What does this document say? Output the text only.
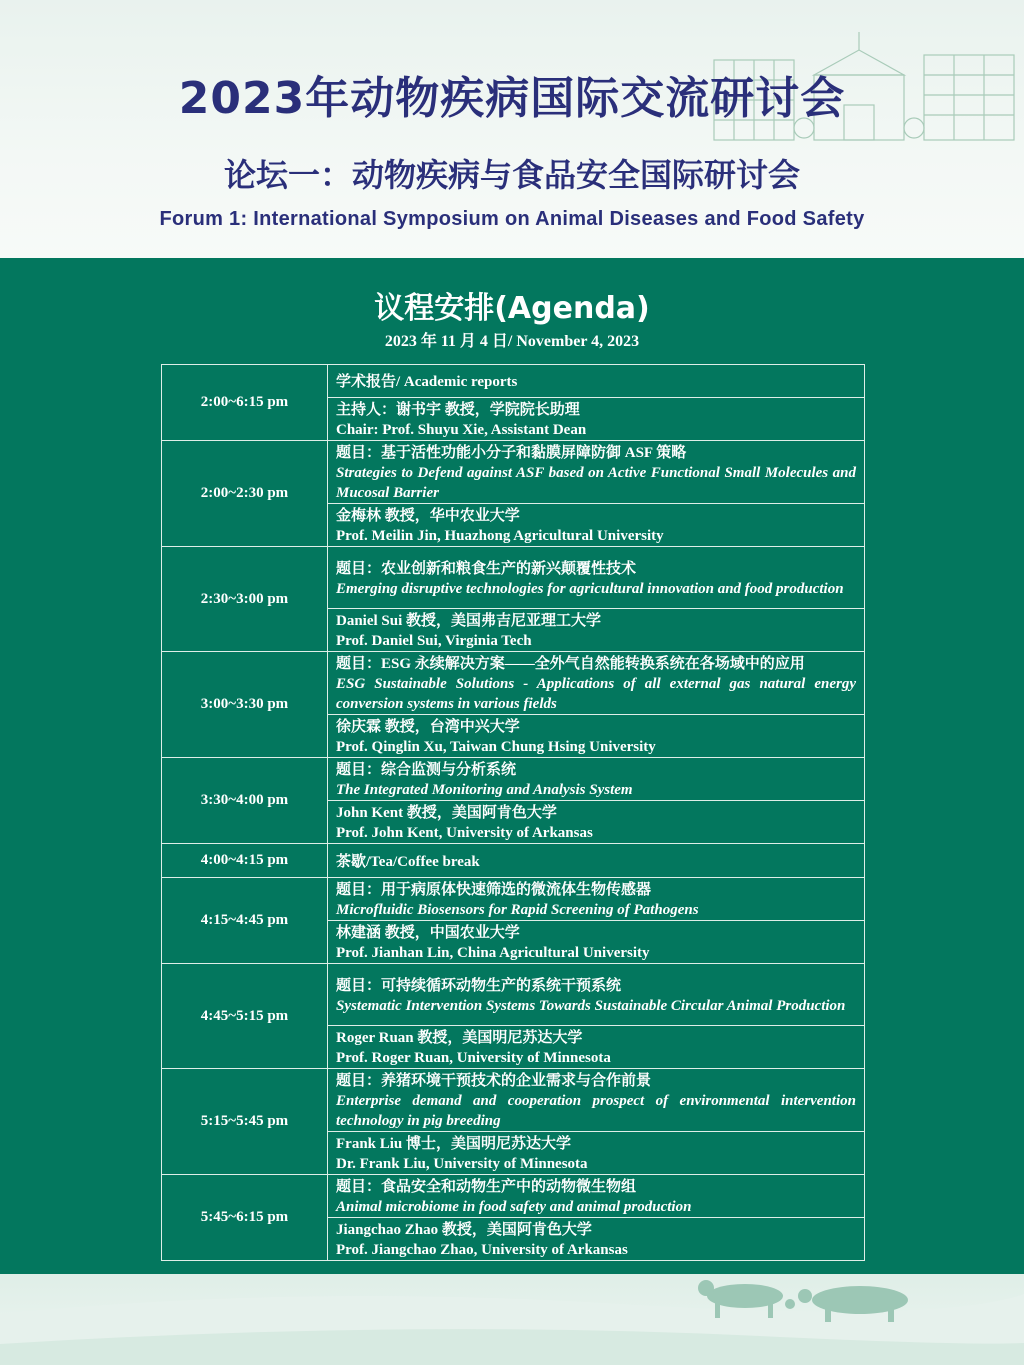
2023年动物疾病国际交流研讨会
论坛一：动物疾病与食品安全国际研讨会
Forum 1: International Symposium on Animal Diseases and Food Safety
议程安排(Agenda)
2023 年 11 月 4 日/ November 4, 2023
2:00~6:15 pm	学术报告/ Academic reports

	主持人：谢书宇 教授，学院院长助理
Chair: Prof. Shuyu Xie, Assistant Dean

2:00~2:30 pm	题目：基于活性功能小分子和黏膜屏障防御 ASF 策略
Strategies to Defend against ASF based on Active Functional Small Molecules and Mucosal Barrier

	金梅林 教授，华中农业大学
Prof. Meilin Jin, Huazhong Agricultural University

2:30~3:00 pm	题目：农业创新和粮食生产的新兴颠覆性技术
Emerging disruptive technologies for agricultural innovation and food production

	Daniel Sui 教授，美国弗吉尼亚理工大学
Prof. Daniel Sui, Virginia Tech

3:00~3:30 pm	题目：ESG 永续解决方案——全外气自然能转换系统在各场域中的应用
ESG Sustainable Solutions - Applications of all external gas natural energy conversion systems in various fields

	徐庆霖 教授，台湾中兴大学
Prof. Qinglin Xu, Taiwan Chung Hsing University

3:30~4:00 pm	题目：综合监测与分析系统
The Integrated Monitoring and Analysis System

	John Kent 教授，美国阿肯色大学
Prof. John Kent, University of Arkansas

4:00~4:15 pm	茶歇/Tea/Coffee break

4:15~4:45 pm	题目：用于病原体快速筛选的微流体生物传感器
Microfluidic Biosensors for Rapid Screening of Pathogens

	林建涵 教授，中国农业大学
Prof. Jianhan Lin, China Agricultural University

4:45~5:15 pm	题目：可持续循环动物生产的系统干预系统
Systematic Intervention Systems Towards Sustainable Circular Animal Production

	Roger Ruan 教授，美国明尼苏达大学
Prof. Roger Ruan, University of Minnesota

5:15~5:45 pm	题目：养猪环境干预技术的企业需求与合作前景
Enterprise demand and cooperation prospect of environmental intervention technology in pig breeding

	Frank Liu 博士，美国明尼苏达大学
Dr. Frank Liu, University of Minnesota

5:45~6:15 pm	题目：食品安全和动物生产中的动物微生物组
Animal microbiome in food safety and animal production

	Jiangchao Zhao 教授，美国阿肯色大学
Prof. Jiangchao Zhao, University of Arkansas
